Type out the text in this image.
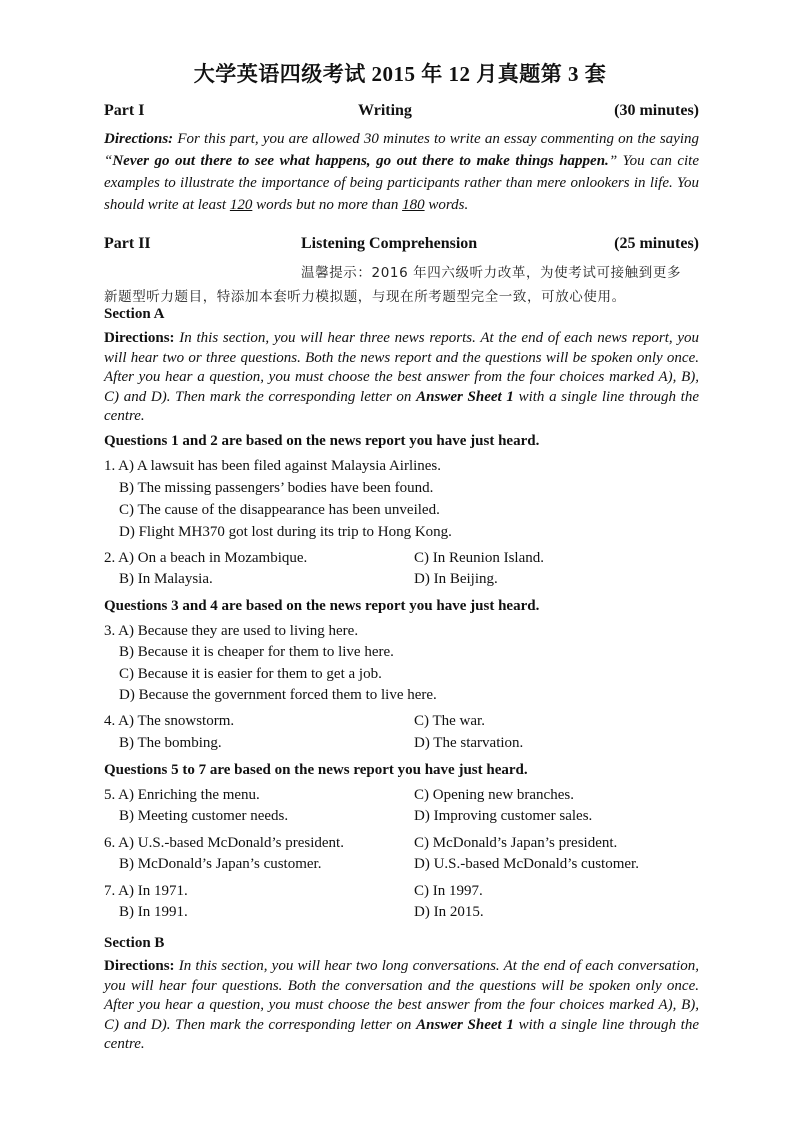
大学英语四级考试 2015 年 12 月真题第 3 套
Part I	Writing	(30 minutes)
Directions: For this part, you are allowed 30 minutes to write an essay commenting on the saying “Never go out there to see what happens, go out there to make things happen.” You can cite examples to illustrate the importance of being participants rather than mere onlookers in life. You should write at least 120 words but no more than 180 words.
Part II	Listening Comprehension	(25 minutes)
温馨提示：2016 年四六级听力改革，为使考试可接触到更多
新题型听力题目，特添加本套听力模拟题，与现在所考题型完全一致，可放心使用。
Section A
Directions: In this section, you will hear three news reports. At the end of each news report, you will hear two or three questions. Both the news report and the questions will be spoken only once. After you hear a question, you must choose the best answer from the four choices marked A), B), C) and D). Then mark the corresponding letter on Answer Sheet 1 with a single line through the centre.
Questions 1 and 2 are based on the news report you have just heard.
1. A) A lawsuit has been filed against Malaysia Airlines.
B) The missing passengers’ bodies have been found.
C) The cause of the disappearance has been unveiled.
D) Flight MH370 got lost during its trip to Hong Kong.
2. A) On a beach in Mozambique.	C) In Reunion Island.
B) In Malaysia.	D) In Beijing.
Questions 3 and 4 are based on the news report you have just heard.
3. A) Because they are used to living here.
B) Because it is cheaper for them to live here.
C) Because it is easier for them to get a job.
D) Because the government forced them to live here.
4. A) The snowstorm.	C) The war.
B) The bombing.	D) The starvation.
Questions 5 to 7 are based on the news report you have just heard.
5. A) Enriching the menu.	C) Opening new branches.
B) Meeting customer needs.	D) Improving customer sales.
6. A) U.S.-based McDonald’s president.	C) McDonald’s Japan’s president.
B) McDonald’s Japan’s customer.	D) U.S.-based McDonald’s customer.
7. A) In 1971.	C) In 1997.
B) In 1991.	D) In 2015.
Section B
Directions: In this section, you will hear two long conversations. At the end of each conversation, you will hear four questions. Both the conversation and the questions will be spoken only once. After you hear a question, you must choose the best answer from the four choices marked A), B), C) and D). Then mark the corresponding letter on Answer Sheet 1 with a single line through the centre.
